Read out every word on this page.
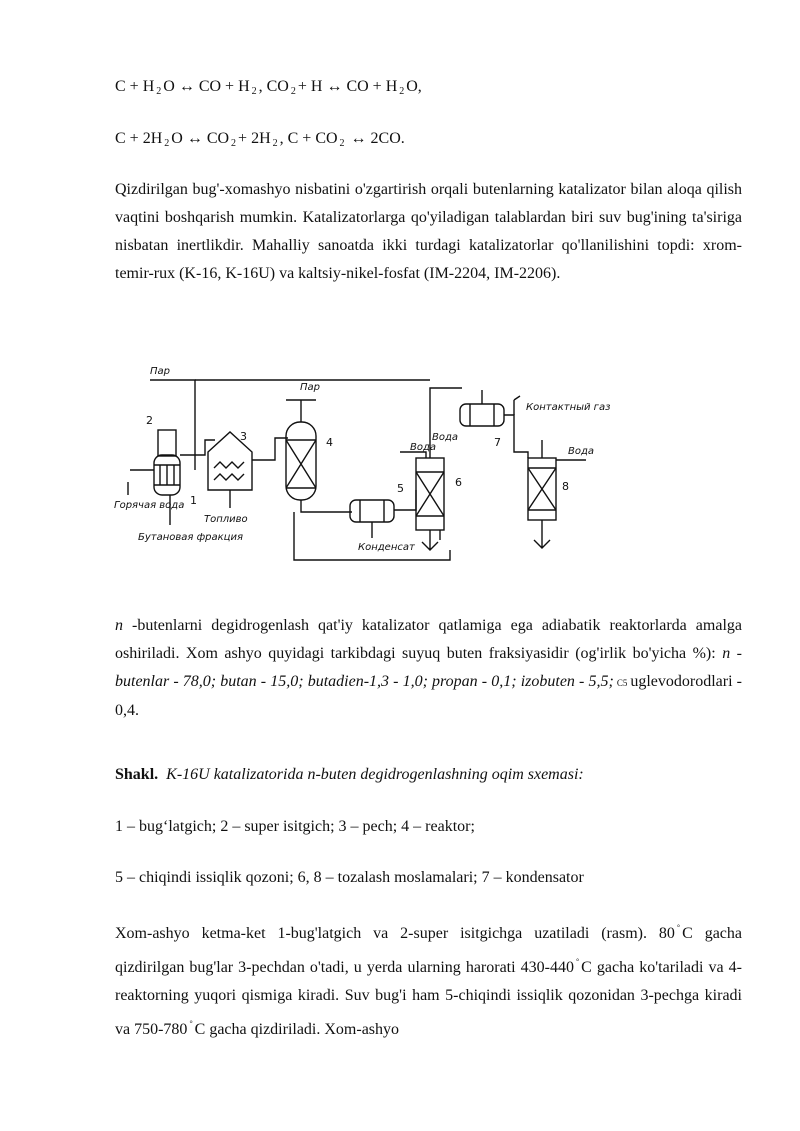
C + H $_2$ O ↔ CO + H $_2$ , CO $_2$ + H ↔ CO + H $_2$ O,
C + 2H $_2$ O ↔ CO $_2$ + 2H $_2$ , C + CO $_2$ ↔ 2CO.

Qizdirilgan bug'-xomashyo nisbatini o'zgartirish orqali butenlarning katalizator bilan aloqa qilish vaqtini boshqarish mumkin. Katalizatorlarga qo'yiladigan talablardan biri suv bug'ining ta'siriga nisbatan inertlikdir. Mahalliy sanoatda ikki turdagi katalizatorlar qo'llanilishini topdi: xrom-temir-rux (K-16, K-16U) va kaltsiy-nikel-fosfat (IM-2204, IM-2206).

Пар
Пар
Вода
Вода
Вода
Контактный газ
Горячая вода
Топливо
Бутановая фракция
Конденсат
2
1
3	4
5	6
7
8

n -butenlarni degidrogenlash qat'iy katalizator qatlamiga ega adiabatik reaktorlarda amalga oshiriladi. Xom ashyo quyidagi tarkibdagi suyuq buten fraksiyasidir (og'irlik bo'yicha %): n -butenlar - 78,0; butan - 15,0; butadien-1,3 - 1,0; propan - 0,1; izobuten - 5,5; C5 uglevodorodlari - 0,4.

Shakl. K-16U katalizatorida n-buten degidrogenlashning oqim sxemasi:
1 – bug‘latgich; 2 – super isitgich; 3 – pech; 4 – reaktor;
5 – chiqindi issiqlik qozoni; 6, 8 – tozalash moslamalari; 7 – kondensator

Xom-ashyo ketma-ket 1-bug'latgich va 2-super isitgichga uzatiladi (rasm). 80 ° C gacha qizdirilgan bug'lar 3-pechdan o'tadi, u yerda ularning harorati 430-440 ° C gacha ko'tariladi va 4-reaktorning yuqori qismiga kiradi. Suv bug'i ham 5-chiqindi issiqlik qozonidan 3-pechga kiradi va 750-780 ° C gacha qizdiriladi. Xom-ashyo
